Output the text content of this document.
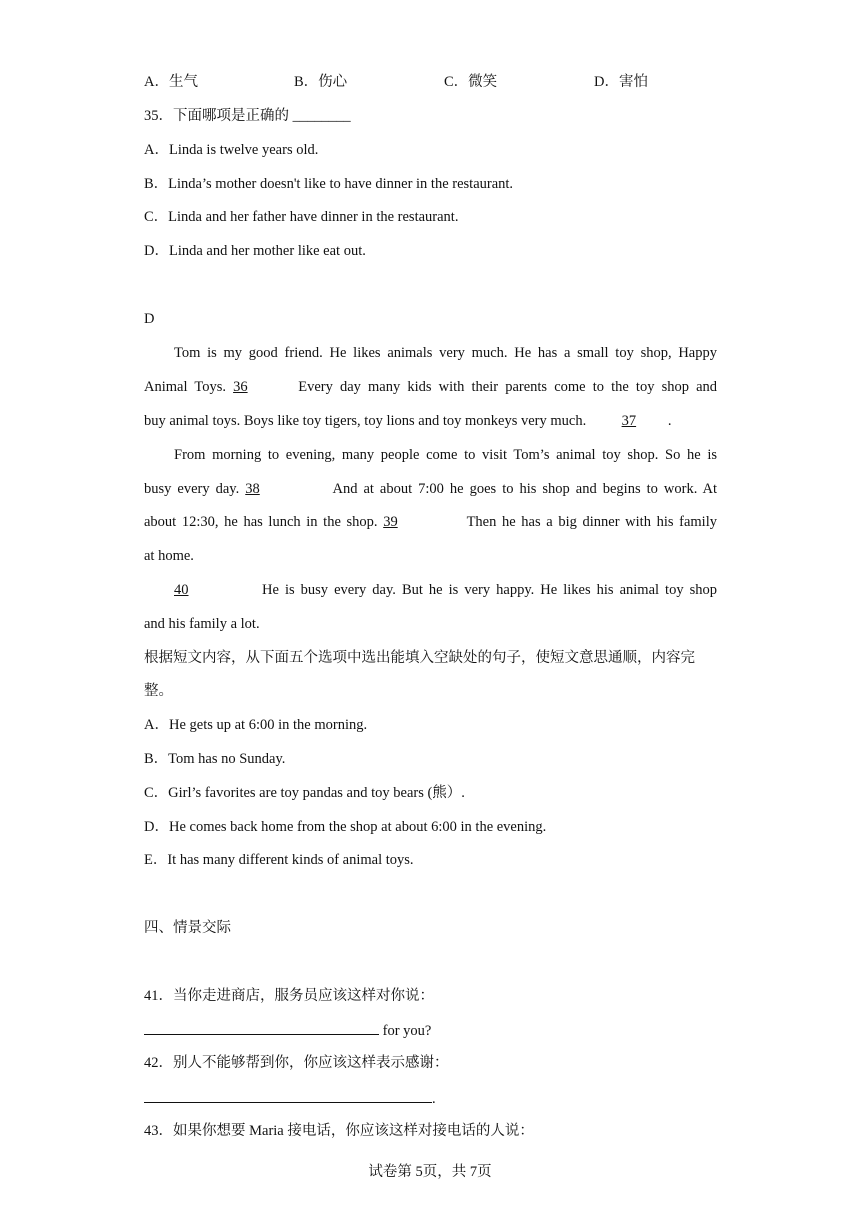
A．生气	B．伤心	C．微笑	D．害怕
35．下面哪项是正确的 ________
A．Linda is twelve years old.
B．Linda’s mother doesn't like to have dinner in the restaurant.
C．Linda and her father have dinner in the restaurant.
D．Linda and her mother like eat out.
D
Tom is my good friend. He likes animals very much. He has a small toy shop, Happy
Animal Toys. 36	Every day many kids with their parents come to the toy shop and
buy animal toys. Boys like toy tigers, toy lions and toy monkeys very much. 37 .
From morning to evening, many people come to visit Tom’s animal toy shop. So he is
busy every day. 38	And at about 7:00 he goes to his shop and begins to work. At
about 12:30, he has lunch in the shop. 39	Then he has a big dinner with his family
at home.
40	He is busy every day. But he is very happy. He likes his animal toy shop
and his family a lot.
根据短文内容，从下面五个选项中选出能填入空缺处的句子，使短文意思通顺，内容完
整。
A．He gets up at 6:00 in the morning.
B．Tom has no Sunday.
C．Girl’s favorites are toy pandas and toy bears (熊）.
D．He comes back home from the shop at about 6:00 in the evening.
E．It has many different kinds of animal toys.
四、情景交际
41．当你走进商店，服务员应该这样对你说：
for you?
42．别人不能够帮到你，你应该这样表示感谢：
.
43．如果你想要 Maria 接电话，你应该这样对接电话的人说：
试卷第 5页，共 7页
